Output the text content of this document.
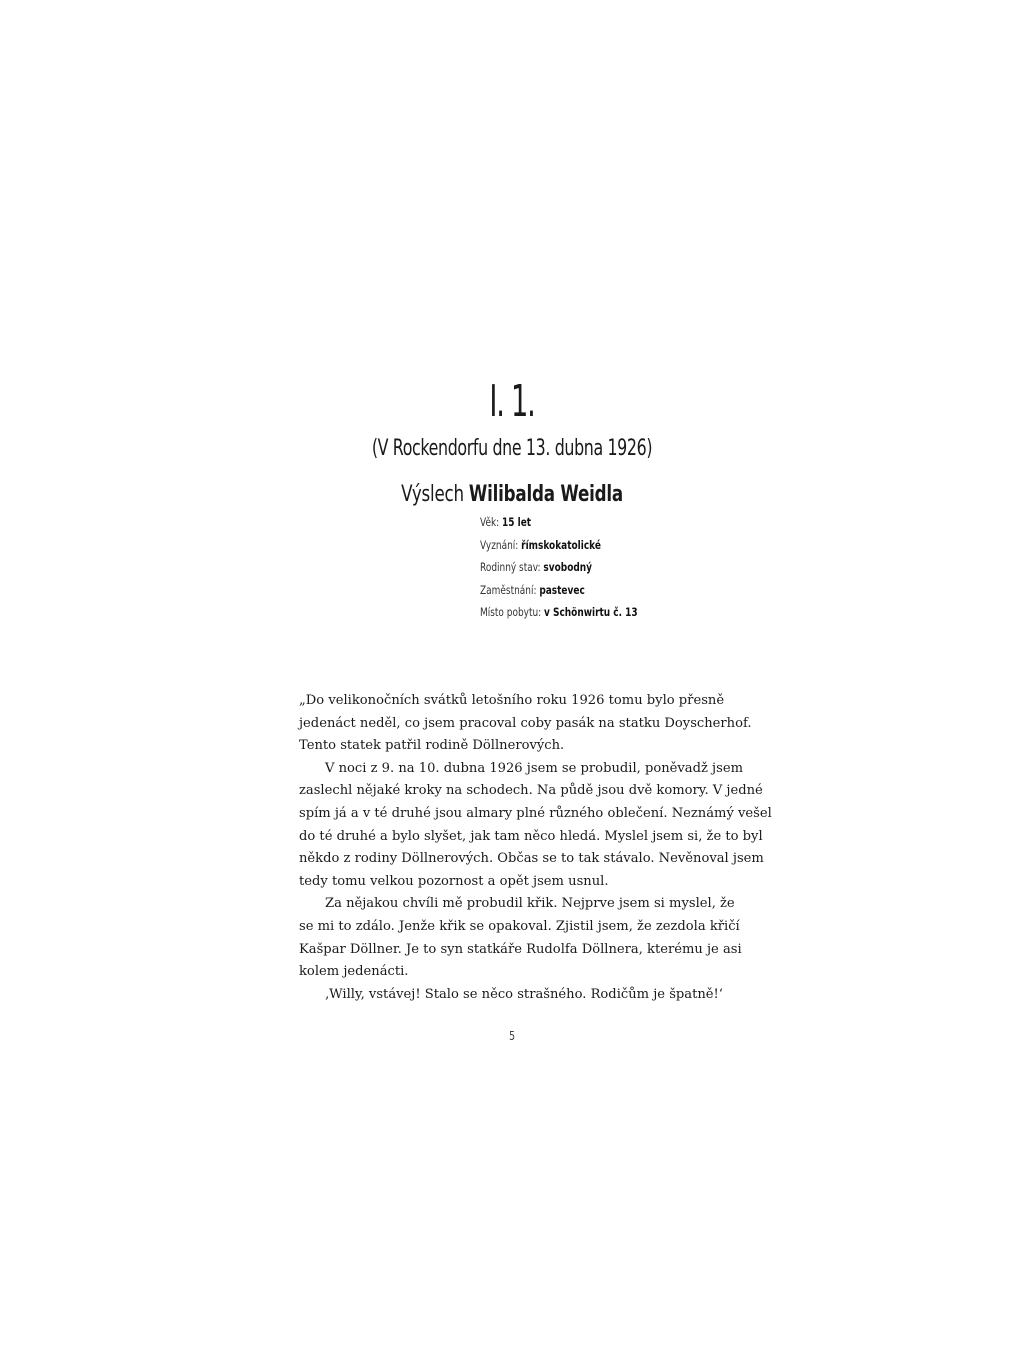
I. 1.
(V Rockendorfu dne 13. dubna 1926)
Výslech Wilibalda Weidla
Věk: 15 let
Vyznání: římskokatolické
Rodinný stav: svobodný
Zaměstnání: pastevec
Místo pobytu: v Schönwirtu č. 13
„Do velikonočních svátků letošního roku 1926 tomu bylo přesně
jedenáct neděl, co jsem pracoval coby pasák na statku Doyscherhof.
Tento statek patřil rodině Döllnerových.
V noci z 9. na 10. dubna 1926 jsem se probudil, poněvadž jsem
zaslechl nějaké kroky na schodech. Na půdě jsou dvě komory. V jedné
spím já a v té druhé jsou almary plné různého oblečení. Neznámý vešel
do té druhé a bylo slyšet, jak tam něco hledá. Myslel jsem si, že to byl
někdo z rodiny Döllnerových. Občas se to tak stávalo. Nevěnoval jsem
tedy tomu velkou pozornost a opět jsem usnul.
Za nějakou chvíli mě probudil křik. Nejprve jsem si myslel, že
se mi to zdálo. Jenže křik se opakoval. Zjistil jsem, že zezdola křičí
Kašpar Döllner. Je to syn statkáře Rudolfa Döllnera, kterému je asi
kolem jedenácti.
‚Willy, vstávej! Stalo se něco strašného. Rodičům je špatně!‘
5
